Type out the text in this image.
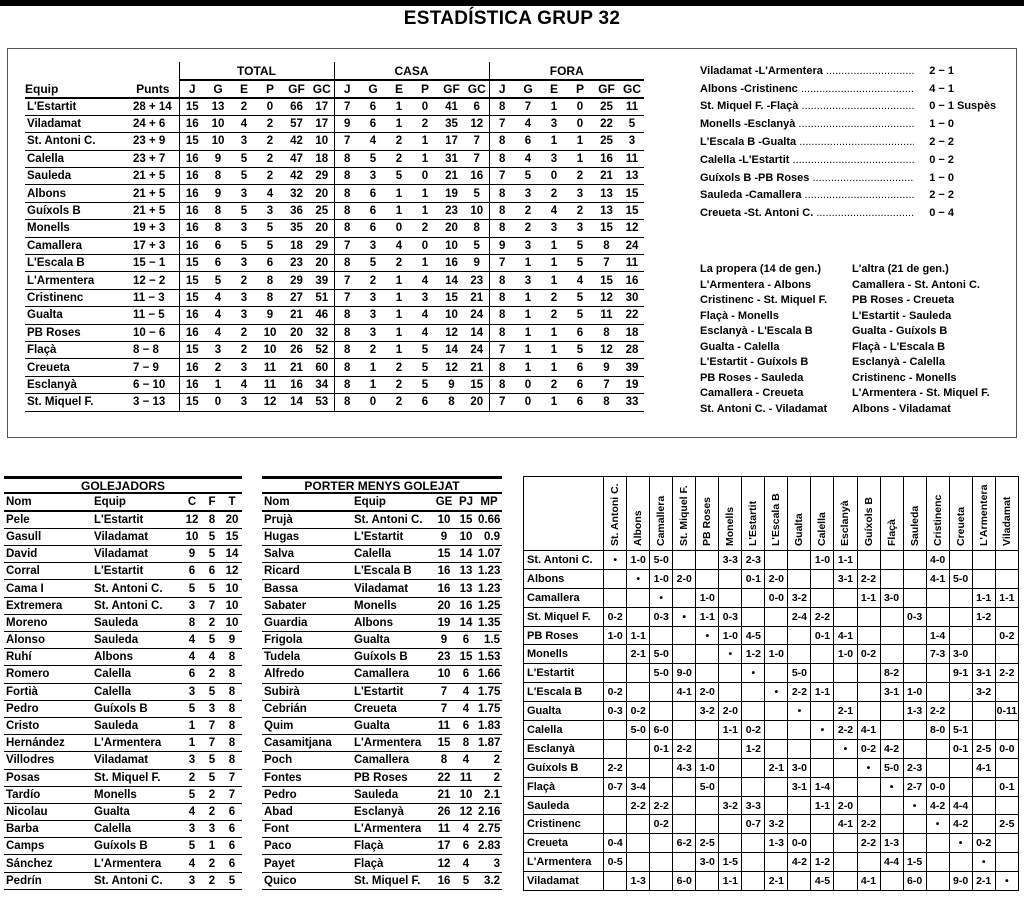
ESTADÍSTICA GRUP 32
		TOTAL						CASA						FORA					
Equip	Punts	J	G	E	P	GF	GC	J	G	E	P	GF	GC	J	G	E	P	GF	GC
L'Estartit	28 + 14	15	13	2	0	66	17	7	6	1	0	41	6	8	7	1	0	25	11
Viladamat	24 + 6	16	10	4	2	57	17	9	6	1	2	35	12	7	4	3	0	22	5
St. Antoni C.	23 + 9	15	10	3	2	42	10	7	4	2	1	17	7	8	6	1	1	25	3
Calella	23 + 7	16	9	5	2	47	18	8	5	2	1	31	7	8	4	3	1	16	11
Sauleda	21 + 5	16	8	5	2	42	29	8	3	5	0	21	16	7	5	0	2	21	13
Albons	21 + 5	16	9	3	4	32	20	8	6	1	1	19	5	8	3	2	3	13	15
Guíxols B	21 + 5	16	8	5	3	36	25	8	6	1	1	23	10	8	2	4	2	13	15
Monells	19 + 3	16	8	3	5	35	20	8	6	0	2	20	8	8	2	3	3	15	12
Camallera	17 + 3	16	6	5	5	18	29	7	3	4	0	10	5	9	3	1	5	8	24
L'Escala B	15 − 1	15	6	3	6	23	20	8	5	2	1	16	9	7	1	1	5	7	11
L'Armentera	12 − 2	15	5	2	8	29	39	7	2	1	4	14	23	8	3	1	4	15	16
Cristinenc	11 − 3	15	4	3	8	27	51	7	3	1	3	15	21	8	1	2	5	12	30
Gualta	11 − 5	16	4	3	9	21	46	8	3	1	4	10	24	8	1	2	5	11	22
PB Roses	10 − 6	16	4	2	10	20	32	8	3	1	4	12	14	8	1	1	6	8	18
Flaçà	8 − 8	15	3	2	10	26	52	8	2	1	5	14	24	7	1	1	5	12	28
Creueta	7 − 9	16	2	3	11	21	60	8	1	2	5	12	21	8	1	1	6	9	39
Esclanyà	6 − 10	16	1	4	11	16	34	8	1	2	5	9	15	8	0	2	6	7	19
St. Miquel F.	3 − 13	15	0	3	12	14	53	8	0	2	6	8	20	7	0	1	6	8	33
Viladamat -L'Armentera .....	2 − 1
Albons -Cristinenc .....	4 − 1
St. Miquel F. -Flaçà .....	0 − 1 Suspès
Monells -Esclanyà .....	1 − 0
L'Escala B -Gualta .....	2 − 2
Calella -L'Estartit .....	0 − 2
Guíxols B -PB Roses .....	1 − 0
Sauleda -Camallera .....	2 − 2
Creueta -St. Antoni C. .....	0 − 4
La propera (14 de gen.)
L'Armentera - Albons
Cristinenc - St. Miquel F.
Flaçà - Monells
Esclanyà - L'Escala B
Gualta - Calella
L'Estartit - Guíxols B
PB Roses - Sauleda
Camallera - Creueta
St. Antoni C. - Viladamat
L'altra (21 de gen.)
Camallera - St. Antoni C.
PB Roses - Creueta
L'Estartit - Sauleda
Gualta - Guíxols B
Flaçà - L'Escala B
Esclanyà - Calella
Cristinenc - Monells
L'Armentera - St. Miquel F.
Albons - Viladamat
GOLEJADORS
Nom	Equip	C	F	T
Pele	L'Estartit	12	8	20
Gasull	Viladamat	10	5	15
David	Viladamat	9	5	14
Corral	L'Estartit	6	6	12
Cama I	St. Antoni C.	5	5	10
Extremera	St. Antoni C.	3	7	10
Moreno	Sauleda	8	2	10
Alonso	Sauleda	4	5	9
Ruhí	Albons	4	4	8
Romero	Calella	6	2	8
Fortià	Calella	3	5	8
Pedro	Guíxols B	5	3	8
Cristo	Sauleda	1	7	8
Hernández	L'Armentera	1	7	8
Villodres	Viladamat	3	5	8
Posas	St. Miquel F.	2	5	7
Tardío	Monells	5	2	7
Nicolau	Gualta	4	2	6
Barba	Calella	3	3	6
Camps	Guíxols B	5	1	6
Sánchez	L'Armentera	4	2	6
Pedrín	St. Antoni C.	3	2	5
PORTER MENYS GOLEJAT
Nom	Equip	GE	PJ	MP
Prujà	St. Antoni C.	10	15	0.66
Hugas	L'Estartit	9	10	0.9
Salva	Calella	15	14	1.07
Ricard	L'Escala B	16	13	1.23
Bassa	Viladamat	16	13	1.23
Sabater	Monells	20	16	1.25
Guardia	Albons	19	14	1.35
Frigola	Gualta	9	6	1.5
Tudela	Guíxols B	23	15	1.53
Alfredo	Camallera	10	6	1.66
Subirà	L'Estartit	7	4	1.75
Cebrián	Creueta	7	4	1.75
Quim	Gualta	11	6	1.83
Casamitjana	L'Armentera	15	8	1.87
Poch	Camallera	8	4	2
Fontes	PB Roses	22	11	2
Pedro	Sauleda	21	10	2.1
Abad	Esclanyà	26	12	2.16
Font	L'Armentera	11	4	2.75
Paco	Flaçà	17	6	2.83
Payet	Flaçà	12	4	3
Quico	St. Miquel F.	16	5	3.2

	St. Antoni C.	Albons	Camallera	St. Miquel F.	PB Roses	Monells	L'Estartit	L'Escala B	Gualta	Calella	Esclanyà	Guíxols B	Flaçà	Sauleda	Cristinenc	Creueta	L'Armentera	Viladamat

St. Antoni C.	•	1-0	5-0			3-3	2-3			1-0	1-1				4-0			
Albons		•	1-0	2-0			0-1	2-0			3-1	2-2			4-1	5-0		
Camallera			•		1-0			0-0	3-2			1-1	3-0				1-1	1-1
St. Miquel F.	0-2		0-3	•	1-1	0-3			2-4	2-2				0-3			1-2	
PB Roses	1-0	1-1			•	1-0	4-5			0-1	4-1				1-4			0-2
Monells		2-1	5-0			•	1-2	1-0			1-0	0-2			7-3	3-0		
L'Estartit			5-0	9-0			•		5-0				8-2			9-1	3-1	2-2
L'Escala B	0-2			4-1	2-0			•	2-2	1-1			3-1	1-0			3-2	
Gualta	0-3	0-2			3-2	2-0			•		2-1			1-3	2-2			0-11
Calella		5-0	6-0			1-1	0-2			•	2-2	4-1			8-0	5-1		
Esclanyà			0-1	2-2			1-2				•	0-2	4-2			0-1	2-5	0-0
Guíxols B	2-2			4-3	1-0			2-1	3-0			•	5-0	2-3			4-1	
Flaçà	0-7	3-4			5-0				3-1	1-4			•	2-7	0-0			0-1
Sauleda		2-2	2-2			3-2	3-3			1-1	2-0			•	4-2	4-4		
Cristinenc			0-2				0-7	3-2			4-1	2-2			•	4-2		2-5
Creueta	0-4			6-2	2-5			1-3	0-0			2-2	1-3			•	0-2	
L'Armentera	0-5				3-0	1-5			4-2	1-2			4-4	1-5			•	
Viladamat		1-3		6-0		1-1		2-1		4-5		4-1		6-0		9-0	2-1	•
